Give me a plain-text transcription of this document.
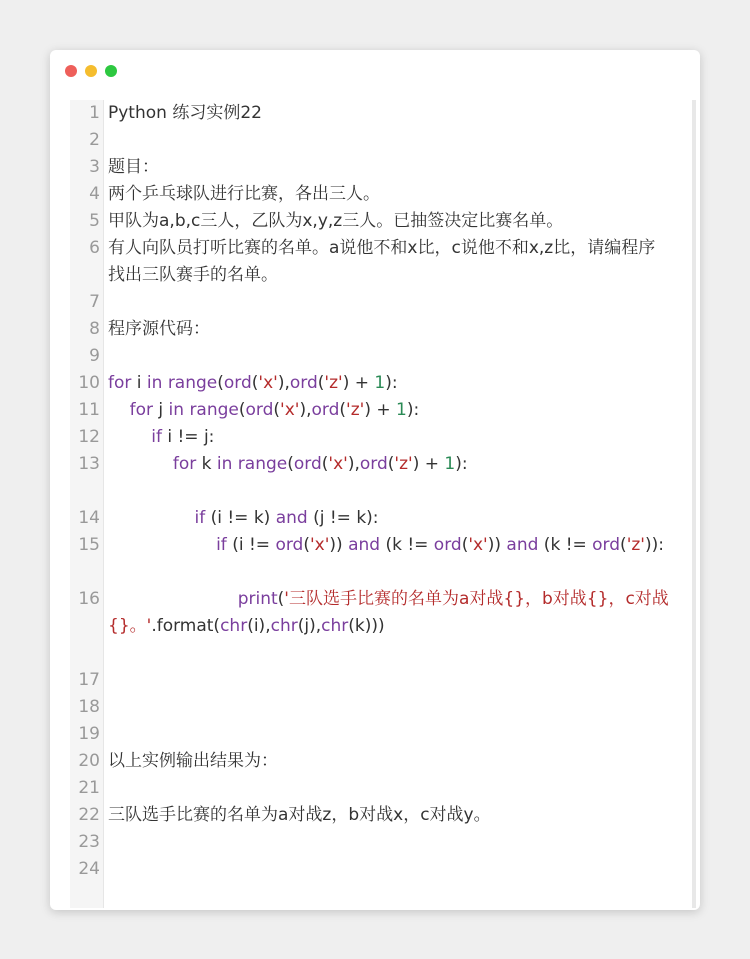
1 Python 练习实例22
2
3 题目：
4 两个乒乓球队进行比赛，各出三人。
5 甲队为a,b,c三人，乙队为x,y,z三人。已抽签决定比赛名单。
6 有人向队员打听比赛的名单。a说他不和x比，c说他不和x,z比，请编程序找出三队赛手的名单。
7
8 程序源代码：
9
10 for i in range(ord('x'),ord('z') + 1):
11	for j in range(ord('x'),ord('z') + 1):
12	if i != j:
13	for k in range(ord('x'),ord('z') + 1):
14	if (i != k) and (j != k):
15	if (i != ord('x')) and (k != ord('x')) and (k != ord('z')):
16	print('三队选手比赛的名单为a对战{}，b对战{}，c对战{}。'.format(chr(i),chr(j),chr(k)))
17
18
19
20 以上实例输出结果为：
21
22 三队选手比赛的名单为a对战z，b对战x，c对战y。
23
24
